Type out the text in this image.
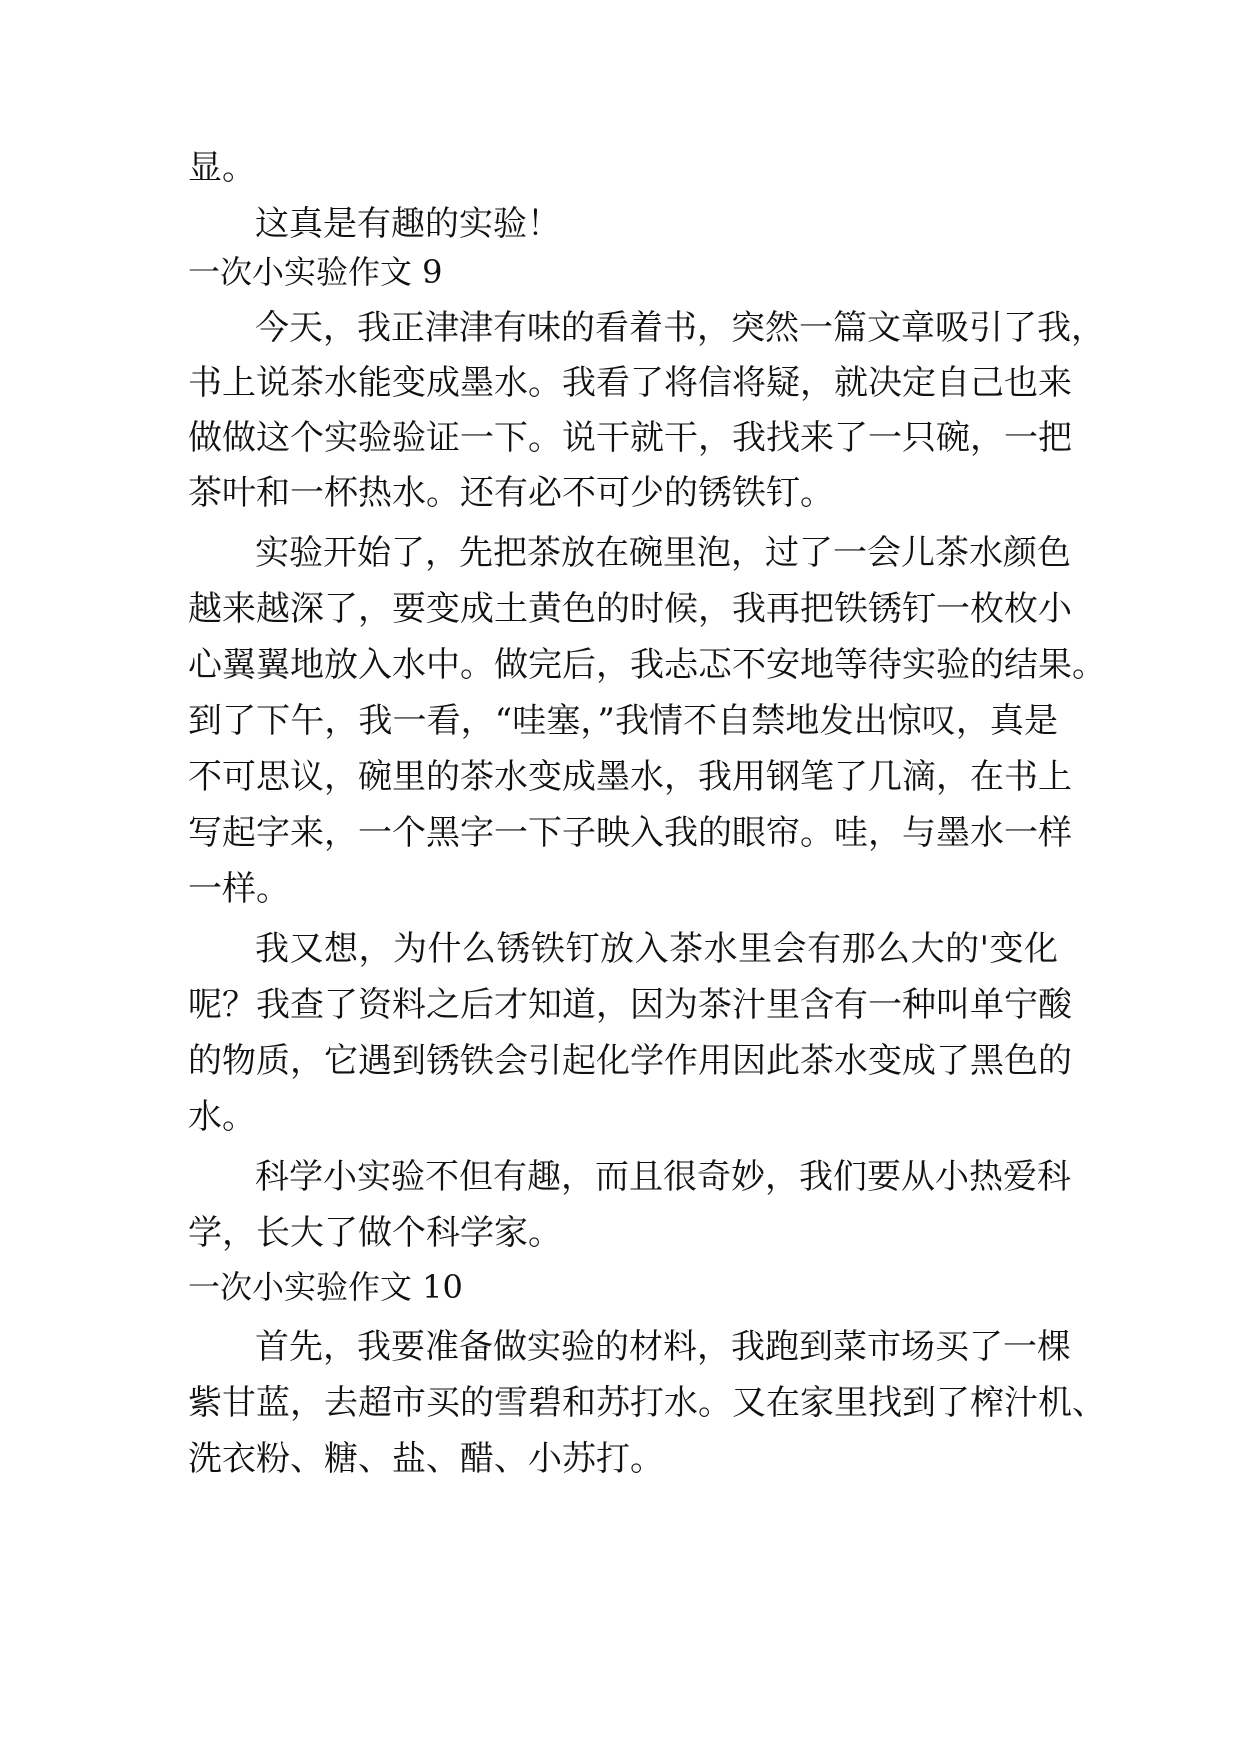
显。
这真是有趣的实验！
一次小实验作文 9
今天，我正津津有味的看着书，突然一篇文章吸引了我，
书上说茶水能变成墨水。我看了将信将疑，就决定自己也来
做做这个实验验证一下。说干就干，我找来了一只碗，一把
茶叶和一杯热水。还有必不可少的锈铁钉。
实验开始了，先把茶放在碗里泡，过了一会儿茶水颜色
越来越深了，要变成土黄色的时候，我再把铁锈钉一枚枚小
心翼翼地放入水中。做完后，我忐忑不安地等待实验的结果。
到了下午，我一看，“哇塞，”我情不自禁地发出惊叹，真是
不可思议，碗里的茶水变成墨水，我用钢笔了几滴，在书上
写起字来，一个黑字一下子映入我的眼帘。哇，与墨水一样
一样。
我又想，为什么锈铁钉放入茶水里会有那么大的'变化
呢？我查了资料之后才知道，因为茶汁里含有一种叫单宁酸
的物质，它遇到锈铁会引起化学作用因此茶水变成了黑色的
水。
科学小实验不但有趣，而且很奇妙，我们要从小热爱科
学，长大了做个科学家。
一次小实验作文 10
首先，我要准备做实验的材料，我跑到菜市场买了一棵
紫甘蓝，去超市买的雪碧和苏打水。又在家里找到了榨汁机、
洗衣粉、糖、盐、醋、小苏打。
